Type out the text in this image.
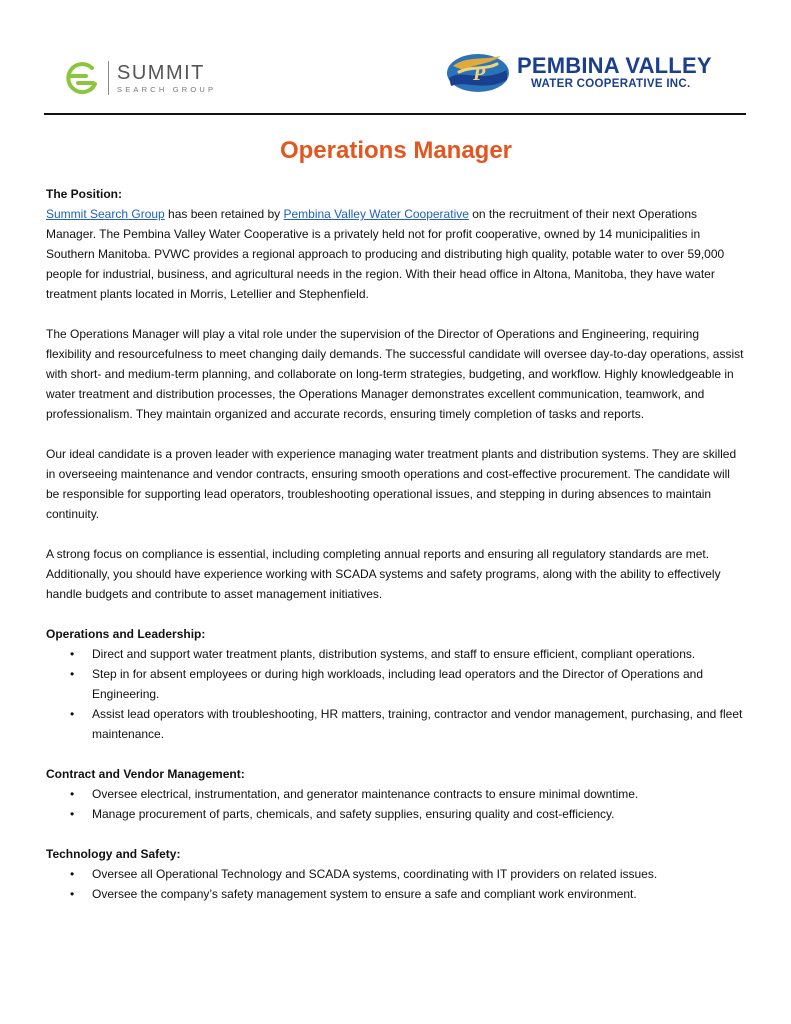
SUMMIT
SEARCH GROUP
P PEMBINA VALLEY
WATER COOPERATIVE INC.
Operations Manager

The Position:

Summit Search Group has been retained by Pembina Valley Water Cooperative on the recruitment of their next Operations Manager. The Pembina Valley Water Cooperative is a privately held not for profit cooperative, owned by 14 municipalities in Southern Manitoba. PVWC provides a regional approach to producing and distributing high quality, potable water to over 59,000 people for industrial, business, and agricultural needs in the region. With their head office in Altona, Manitoba, they have water treatment plants located in Morris, Letellier and Stephenfield.

The Operations Manager will play a vital role under the supervision of the Director of Operations and Engineering, requiring flexibility and resourcefulness to meet changing daily demands. The successful candidate will oversee day-to-day operations, assist with short- and medium-term planning, and collaborate on long-term strategies, budgeting, and workflow. Highly knowledgeable in water treatment and distribution processes, the Operations Manager demonstrates excellent communication, teamwork, and professionalism. They maintain organized and accurate records, ensuring timely completion of tasks and reports.

Our ideal candidate is a proven leader with experience managing water treatment plants and distribution systems. They are skilled in overseeing maintenance and vendor contracts, ensuring smooth operations and cost-effective procurement. The candidate will be responsible for supporting lead operators, troubleshooting operational issues, and stepping in during absences to maintain continuity.

A strong focus on compliance is essential, including completing annual reports and ensuring all regulatory standards are met. Additionally, you should have experience working with SCADA systems and safety programs, along with the ability to effectively handle budgets and contribute to asset management initiatives.

Operations and Leadership:

• Direct and support water treatment plants, distribution systems, and staff to ensure efficient, compliant operations.
• Step in for absent employees or during high workloads, including lead operators and the Director of Operations and Engineering.
• Assist lead operators with troubleshooting, HR matters, training, contractor and vendor management, purchasing, and fleet maintenance.

Contract and Vendor Management:

• Oversee electrical, instrumentation, and generator maintenance contracts to ensure minimal downtime.
• Manage procurement of parts, chemicals, and safety supplies, ensuring quality and cost-efficiency.

Technology and Safety:

• Oversee all Operational Technology and SCADA systems, coordinating with IT providers on related issues.
• Oversee the company’s safety management system to ensure a safe and compliant work environment.
